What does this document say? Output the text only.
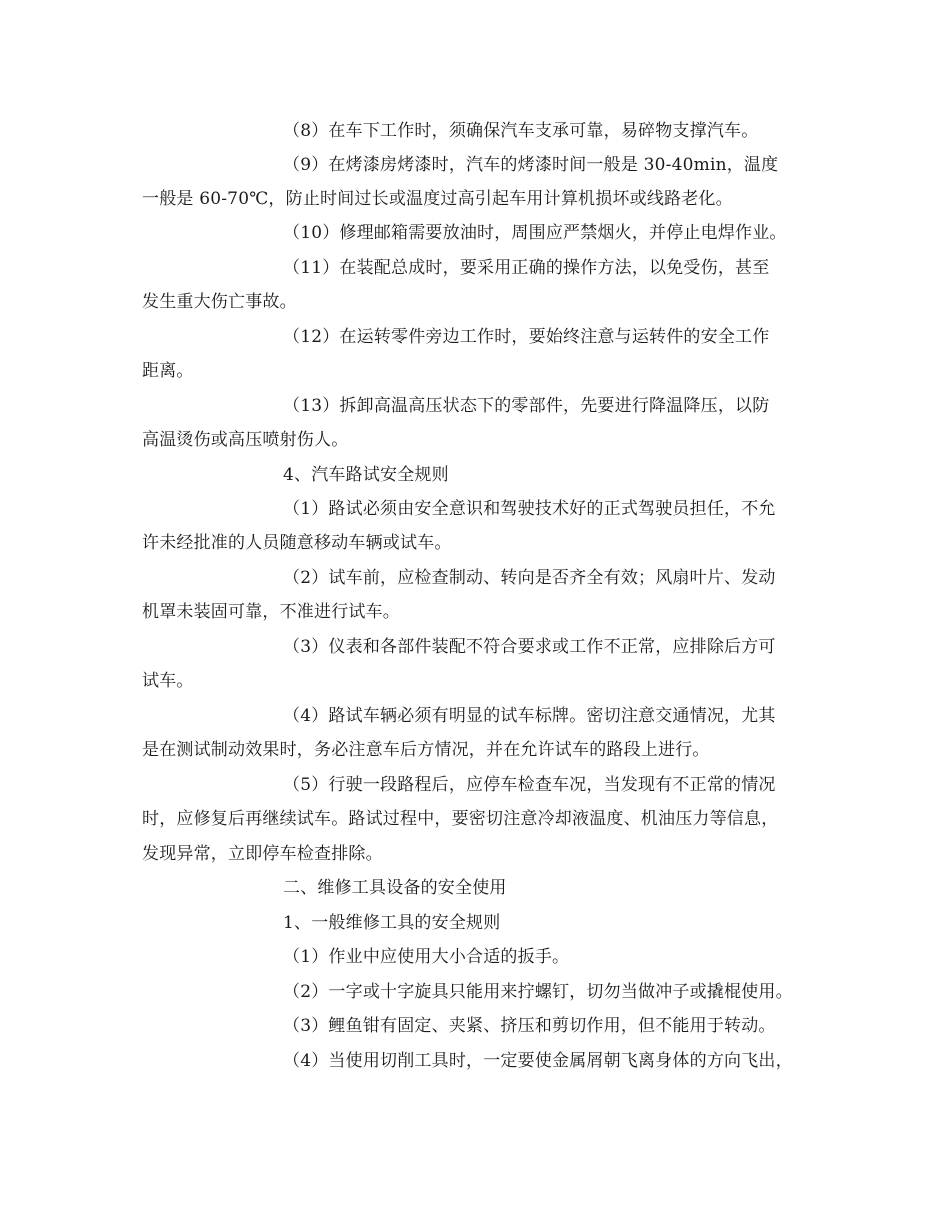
（8）在车下工作时，须确保汽车支承可靠，易碎物支撑汽车。
（9）在烤漆房烤漆时，汽车的烤漆时间一般是 30-40min，温度
一般是 60-70℃，防止时间过长或温度过高引起车用计算机损坏或线路老化。
（10）修理邮箱需要放油时，周围应严禁烟火，并停止电焊作业。
（11）在装配总成时，要采用正确的操作方法，以免受伤，甚至
发生重大伤亡事故。
（12）在运转零件旁边工作时，要始终注意与运转件的安全工作
距离。
（13）拆卸高温高压状态下的零部件，先要进行降温降压，以防
高温烫伤或高压喷射伤人。
4、汽车路试安全规则
（1）路试必须由安全意识和驾驶技术好的正式驾驶员担任，不允
许未经批准的人员随意移动车辆或试车。
（2）试车前，应检查制动、转向是否齐全有效；风扇叶片、发动
机罩未装固可靠，不准进行试车。
（3）仪表和各部件装配不符合要求或工作不正常，应排除后方可
试车。
（4）路试车辆必须有明显的试车标牌。密切注意交通情况，尤其
是在测试制动效果时，务必注意车后方情况，并在允许试车的路段上进行。
（5）行驶一段路程后，应停车检查车况，当发现有不正常的情况
时，应修复后再继续试车。路试过程中，要密切注意冷却液温度、机油压力等信息，
发现异常，立即停车检查排除。
二、维修工具设备的安全使用
1、一般维修工具的安全规则
（1）作业中应使用大小合适的扳手。
（2）一字或十字旋具只能用来拧螺钉，切勿当做冲子或撬棍使用。
（3）鲤鱼钳有固定、夹紧、挤压和剪切作用，但不能用于转动。
（4）当使用切削工具时，一定要使金属屑朝飞离身体的方向飞出，
